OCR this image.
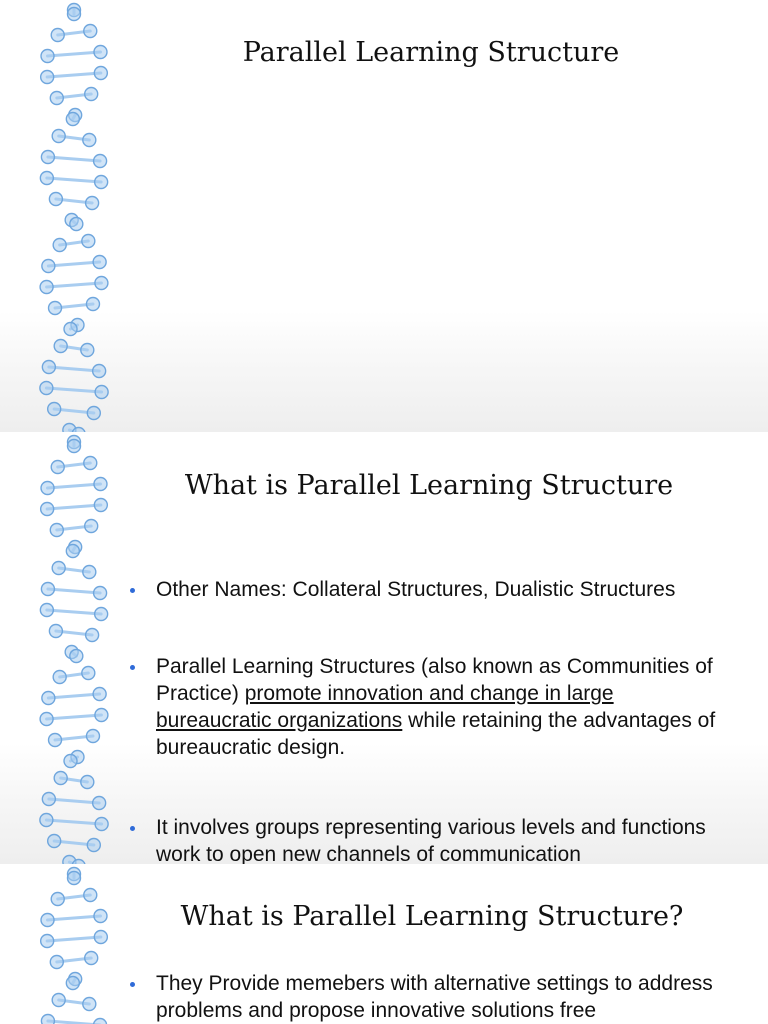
Parallel Learning Structure
What is Parallel Learning Structure
Other Names: Collateral Structures, Dualistic Structures
Parallel Learning Structures (also known as Communities of Practice) promote innovation and change in large bureaucratic organizations while retaining the advantages of bureaucratic design.
It involves groups representing various levels and functions work to open new channels of communication
What is Parallel Learning Structure?
They Provide memebers with alternative settings to address problems and propose innovative solutions free
